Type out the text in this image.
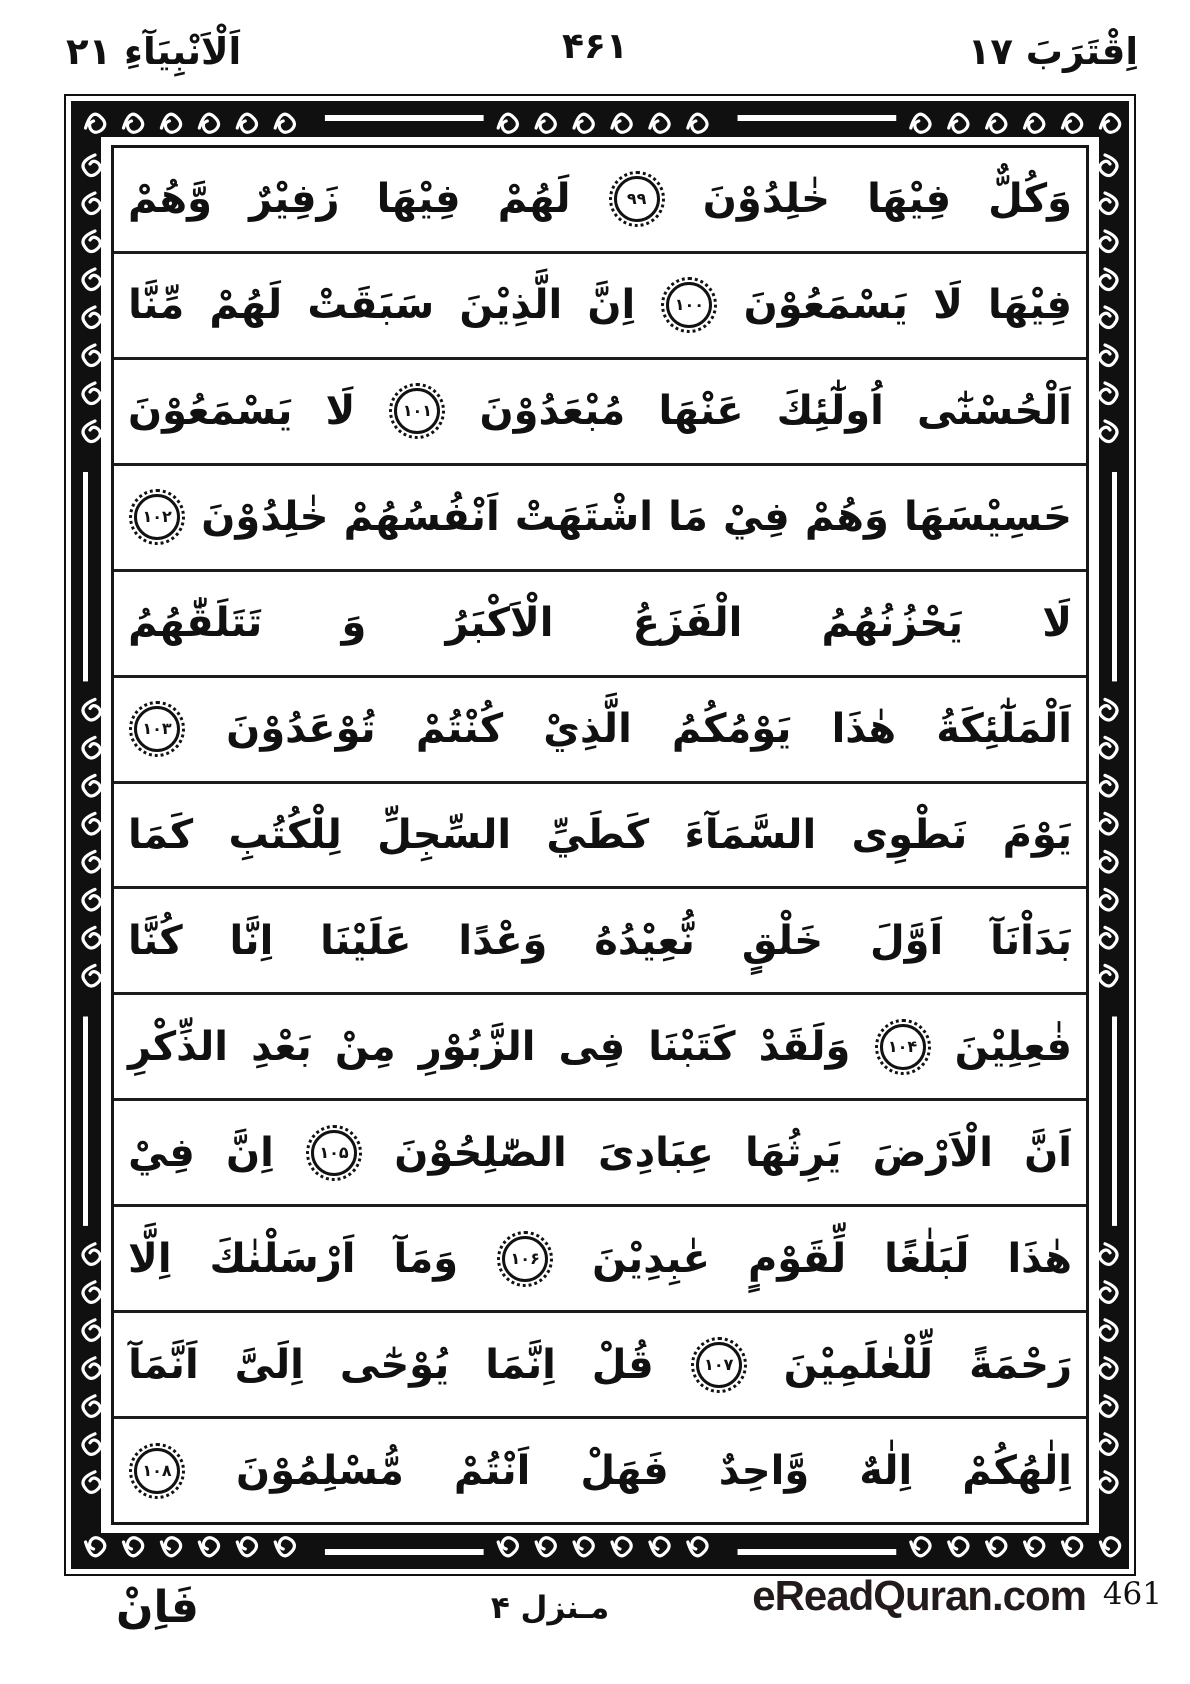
اَلْاَنْبِيَآءِ ٢١	۴۶۱	اِقْتَرَبَ ١٧
وَكُلٌّ
فِيْهَا
خٰلِدُوْنَ
۹۹
لَهُمْ
فِيْهَا
زَفِيْرٌ
وَّهُمْ
فِيْهَا
لَا
يَسْمَعُوْنَ
۱۰۰
اِنَّ
الَّذِيْنَ
سَبَقَتْ
لَهُمْ
مِّنَّا
اَلْحُسْنٰٓى
اُولٰٓئِكَ
عَنْهَا
مُبْعَدُوْنَ
۱۰۱
لَا
يَسْمَعُوْنَ
حَسِيْسَهَا
وَهُمْ
فِيْ
مَا
اشْتَهَتْ
اَنْفُسُهُمْ
خٰلِدُوْنَ
۱۰۲
لَا
يَحْزُنُهُمُ
الْفَزَعُ
الْاَكْبَرُ
وَ
تَتَلَقّٰهُمُ
اَلْمَلٰٓئِكَةُ
هٰذَا
يَوْمُكُمُ
الَّذِيْ
كُنْتُمْ
تُوْعَدُوْنَ
۱۰۳
يَوْمَ
نَطْوِى
السَّمَآءَ
كَطَيِّ
السِّجِلِّ
لِلْكُتُبِ
كَمَا
بَدَاْنَآ
اَوَّلَ
خَلْقٍ
نُّعِيْدُهُ
وَعْدًا
عَلَيْنَا
اِنَّا
كُنَّا
فٰعِلِيْنَ
۱۰۴
وَلَقَدْ
كَتَبْنَا
فِى
الزَّبُوْرِ
مِنْ
بَعْدِ
الذِّكْرِ
اَنَّ
الْاَرْضَ
يَرِثُهَا
عِبَادِىَ
الصّٰلِحُوْنَ
۱۰۵
اِنَّ
فِيْ
هٰذَا
لَبَلٰغًا
لِّقَوْمٍ
عٰبِدِيْنَ
۱۰۶
وَمَآ
اَرْسَلْنٰكَ
اِلَّا
رَحْمَةً
لِّلْعٰلَمِيْنَ
۱۰۷
قُلْ
اِنَّمَا
يُوْحٰٓى
اِلَىَّ
اَنَّمَآ
اِلٰهُكُمْ
اِلٰهٌ
وَّاحِدٌ
فَهَلْ
اَنْتُمْ
مُّسْلِمُوْنَ
۱۰۸
فَاِنْ	مـنزل ۴	eReadQuran.com 461
